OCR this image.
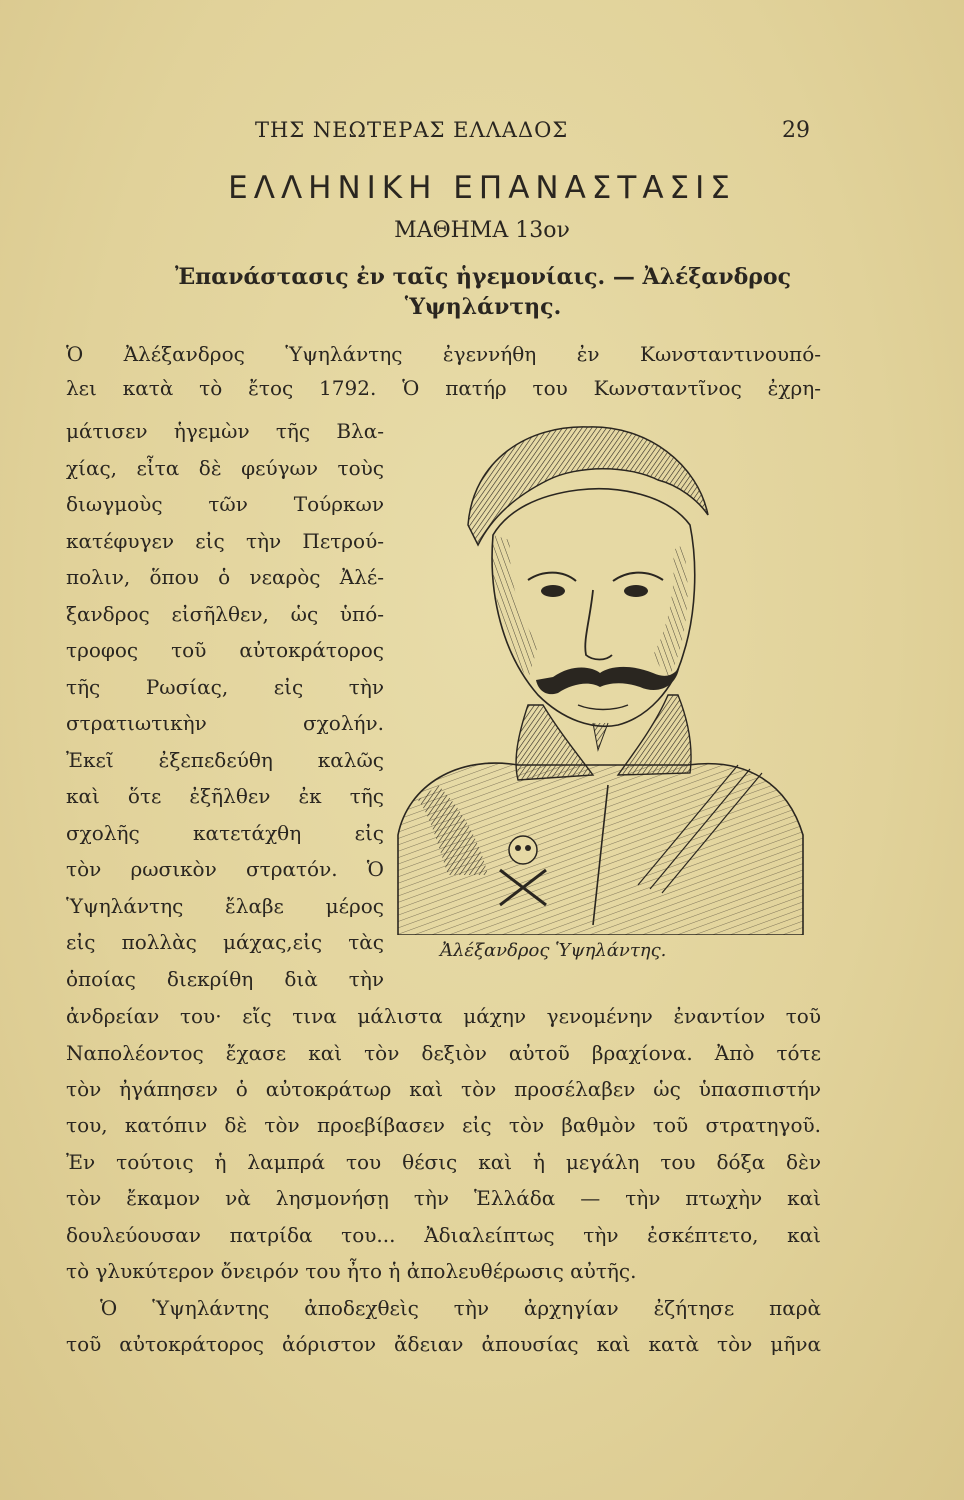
ΤΗΣ ΝΕΩΤΕΡΑΣ ΕΛΛΑΔΟΣ	29
ΕΛΛΗΝΙΚΗ ΕΠΑΝΑΣΤΑΣΙΣ
ΜΑΘΗΜΑ 13ον
Ἐπανάστασις ἐν ταῖς ἡγεμονίαις. — Ἀλέξανδρος
Ὑψηλάντης.
Ὁ Ἀλέξανδρος Ὑψηλάντης ἐγεννήθη ἐν Κωνσταντινουπό-
λει κατὰ τὸ ἔτος 1792. Ὁ πατήρ του Κωνσταντῖνος ἐχρη-
μάτισεν ἡγεμὼν τῆς Βλα-
χίας, εἶτα δὲ φεύγων τοὺς
διωγμοὺς τῶν Τούρκων
κατέφυγεν εἰς τὴν Πετρού-
πολιν, ὅπου ὁ νεαρὸς Ἀλέ-
ξανδρος εἰσῆλθεν, ὡς ὑπό-
τροφος τοῦ αὐτοκράτορος
τῆς Ρωσίας, εἰς τὴν
στρατιωτικὴν σχολήν.
Ἐκεῖ ἐξεπεδεύθη καλῶς
καὶ ὅτε ἐξῆλθεν ἐκ τῆς
σχολῆς κατετάχθη εἰς
τὸν ρωσικὸν στρατόν. Ὁ
Ὑψηλάντης ἔλαβε μέρος
εἰς πολλὰς μάχας,εἰς τὰς
ὁποίας διεκρίθη διὰ τὴν
Ἀλέξανδρος Ὑψηλάντης.
ἀνδρείαν του· εἴς τινα μάλιστα μάχην γενομένην ἐναντίον τοῦ
Ναπολέοντος ἔχασε καὶ τὸν δεξιὸν αὐτοῦ βραχίονα. Ἀπὸ τότε
τὸν ἠγάπησεν ὁ αὐτοκράτωρ καὶ τὸν προσέλαβεν ὡς ὑπασπιστήν
του, κατόπιν δὲ τὸν προεβίβασεν εἰς τὸν βαθμὸν τοῦ στρατηγοῦ.
Ἐν τούτοις ἡ λαμπρά του θέσις καὶ ἡ μεγάλη του δόξα δὲν
τὸν ἔκαμον νὰ λησμονήσῃ τὴν Ἑλλάδα — τὴν πτωχὴν καὶ
δουλεύουσαν πατρίδα του... Ἀδιαλείπτως τὴν ἐσκέπτετο, καὶ
τὸ γλυκύτερον ὄνειρόν του ἦτο ἡ ἀπολευθέρωσις αὐτῆς.
Ὁ Ὑψηλάντης ἀποδεχθεὶς τὴν ἀρχηγίαν ἐζήτησε παρὰ
τοῦ αὐτοκράτορος ἀόριστον ἄδειαν ἀπουσίας καὶ κατὰ τὸν μῆνα
